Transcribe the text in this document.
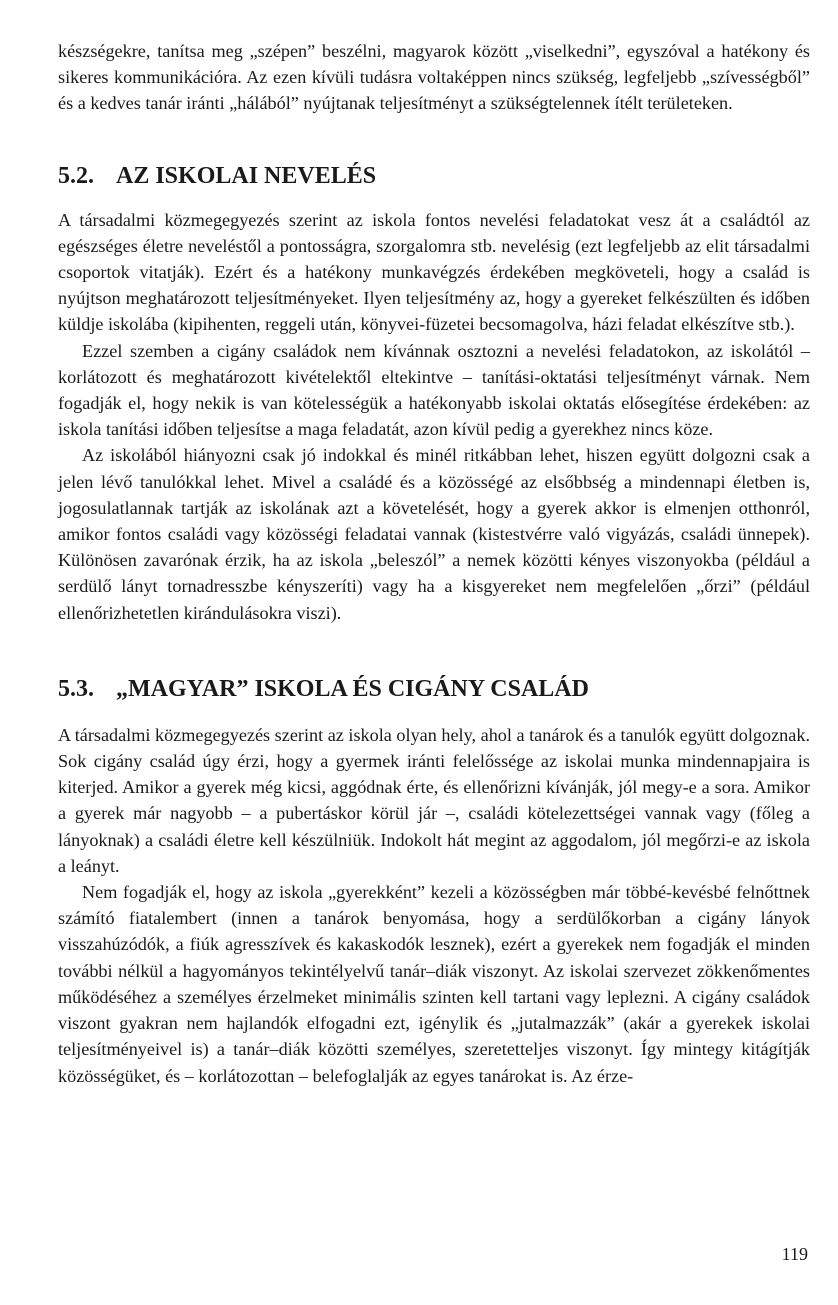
készségekre, tanítsa meg „szépen” beszélni, magyarok között „viselkedni”, egyszóval a hatékony és sikeres kommunikációra. Az ezen kívüli tudásra voltaképpen nincs szükség, legfeljebb „szívességből” és a kedves tanár iránti „hálából” nyújtanak teljesítményt a szükségtelennek ítélt területeken.

5.2. AZ ISKOLAI NEVELÉS

A társadalmi közmegegyezés szerint az iskola fontos nevelési feladatokat vesz át a családtól az egészséges életre neveléstől a pontosságra, szorgalomra stb. nevelésig (ezt legfeljebb az elit társadalmi csoportok vitatják). Ezért és a hatékony munkavégzés érdekében megköveteli, hogy a család is nyújtson meghatározott teljesítményeket. Ilyen teljesítmény az, hogy a gyereket felkészülten és időben küldje iskolába (kipihenten, reggeli után, könyvei-füzetei becsomagolva, házi feladat elkészítve stb.).

Ezzel szemben a cigány családok nem kívánnak osztozni a nevelési feladatokon, az iskolától – korlátozott és meghatározott kivételektől eltekintve – tanítási-oktatási teljesítményt várnak. Nem fogadják el, hogy nekik is van kötelességük a hatékonyabb iskolai oktatás elősegítése érdekében: az iskola tanítási időben teljesítse a maga feladatát, azon kívül pedig a gyerekhez nincs köze.

Az iskolából hiányozni csak jó indokkal és minél ritkábban lehet, hiszen együtt dolgozni csak a jelen lévő tanulókkal lehet. Mivel a családé és a közösségé az elsőbbség a mindennapi életben is, jogosulatlannak tartják az iskolának azt a követelését, hogy a gyerek akkor is elmenjen otthonról, amikor fontos családi vagy közösségi feladatai vannak (kistestvérre való vigyázás, családi ünnepek). Különösen zavarónak érzik, ha az iskola „beleszól” a nemek közötti kényes viszonyokba (például a serdülő lányt tornadresszbe kényszeríti) vagy ha a kisgyereket nem megfelelően „őrzi” (például ellenőrizhetetlen kirándulásokra viszi).

5.3. „MAGYAR” ISKOLA ÉS CIGÁNY CSALÁD

A társadalmi közmegegyezés szerint az iskola olyan hely, ahol a tanárok és a tanulók együtt dolgoznak. Sok cigány család úgy érzi, hogy a gyermek iránti felelőssége az iskolai munka mindennapjaira is kiterjed. Amikor a gyerek még kicsi, aggódnak érte, és ellenőrizni kívánják, jól megy-e a sora. Amikor a gyerek már nagyobb – a pubertáskor körül jár –, családi kötelezettségei vannak vagy (főleg a lányoknak) a családi életre kell készülniük. Indokolt hát megint az aggodalom, jól megőrzi-e az iskola a leányt.

Nem fogadják el, hogy az iskola „gyerekként” kezeli a közösségben már többé-kevésbé felnőttnek számító fiatalembert (innen a tanárok benyomása, hogy a serdülőkorban a cigány lányok visszahúzódók, a fiúk agresszívek és kakaskodók lesznek), ezért a gyerekek nem fogadják el minden további nélkül a hagyományos tekintélyelvű tanár–diák viszonyt. Az iskolai szervezet zökkenőmentes működéséhez a személyes érzelmeket minimális szinten kell tartani vagy leplezni. A cigány családok viszont gyakran nem hajlandók elfogadni ezt, igénylik és „jutalmazzák” (akár a gyerekek iskolai teljesítményeivel is) a tanár–diák közötti személyes, szeretetteljes viszonyt. Így mintegy kitágítják közösségüket, és – korlátozottan – belefoglalják az egyes tanárokat is. Az érze-

119
